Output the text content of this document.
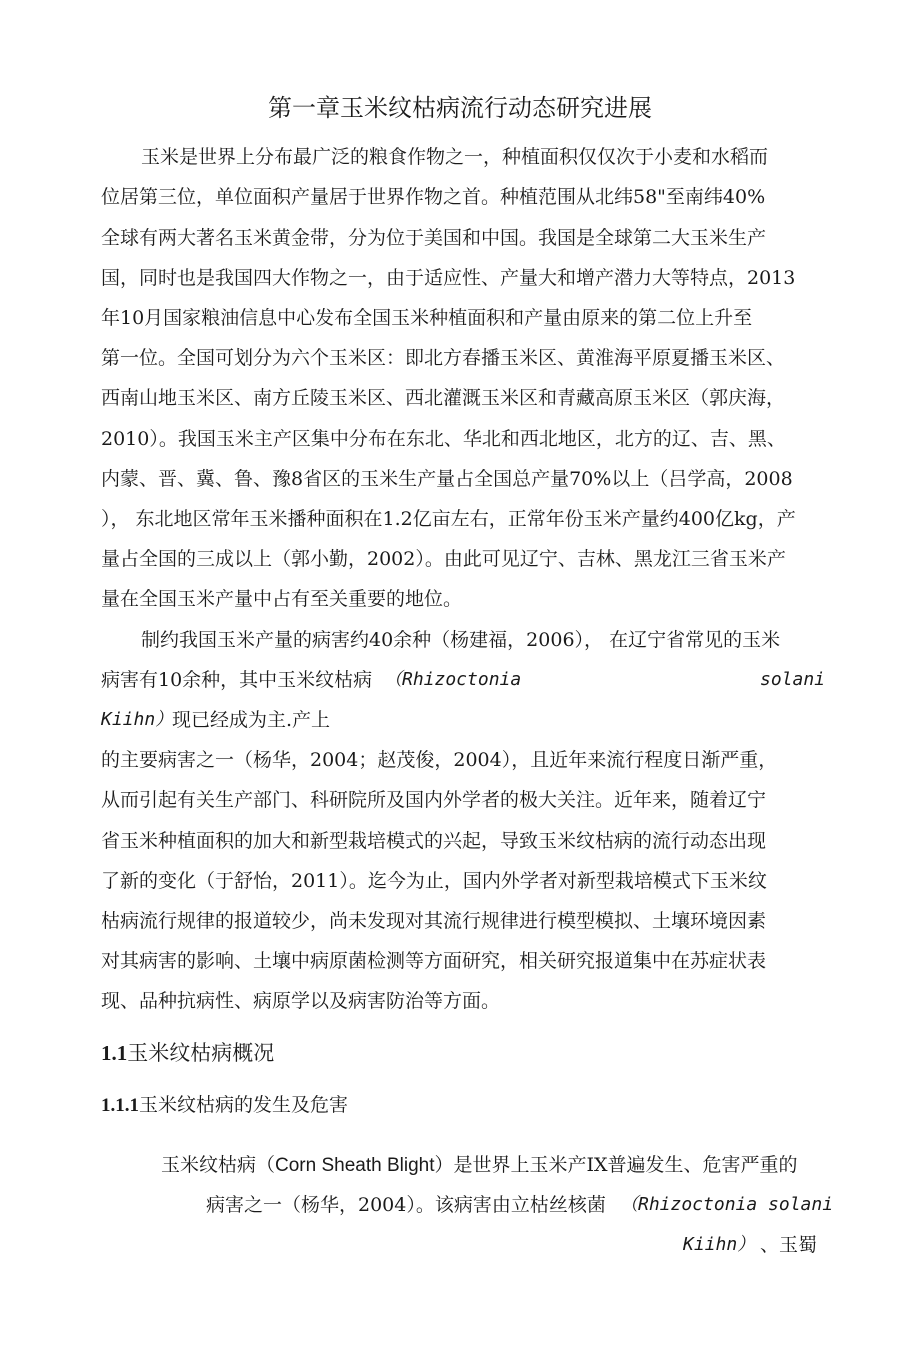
第一章玉米纹枯病流行动态研究进展
玉米是世界上分布最广泛的粮食作物之一，种植面积仅仅次于小麦和水稻而
位居第三位，单位面积产量居于世界作物之首。种植范围从北纬58"至南纬40%
全球有两大著名玉米黄金带，分为位于美国和中国。我国是全球第二大玉米生产
国，同时也是我国四大作物之一，由于适应性、产量大和增产潜力大等特点，2013
年10月国家粮油信息中心发布全国玉米种植面积和产量由原来的第二位上升至
第一位。全国可划分为六个玉米区：即北方春播玉米区、黄淮海平原夏播玉米区、
西南山地玉米区、南方丘陵玉米区、西北灌溉玉米区和青藏高原玉米区（郭庆海，
2010）。我国玉米主产区集中分布在东北、华北和西北地区，北方的辽、吉、黑、
内蒙、晋、冀、鲁、豫8省区的玉米生产量占全国总产量70%以上（吕学高，2008
）， 东北地区常年玉米播种面积在1.2亿亩左右，正常年份玉米产量约400亿kg，产
量占全国的三成以上（郭小勤，2002）。由此可见辽宁、吉林、黑龙江三省玉米产
量在全国玉米产量中占有至关重要的地位。
制约我国玉米产量的病害约40余种（杨建福，2006）， 在辽宁省常见的玉米
病害有10余种，其中玉米纹枯病 （Rhizoctonia	solani
Kiihn）
现已经成为主.产上
的主要病害之一（杨华，2004；赵茂俊，2004），且近年来流行程度日渐严重，
从而引起有关生产部门、科研院所及国内外学者的极大关注。近年来，随着辽宁
省玉米种植面积的加大和新型栽培模式的兴起，导致玉米纹枯病的流行动态出现
了新的变化（于舒怡，2011）。迄今为止，国内外学者对新型栽培模式下玉米纹
枯病流行规律的报道较少，尚未发现对其流行规律进行模型模拟、土壤环境因素
对其病害的影响、土壤中病原菌检测等方面研究，相关研究报道集中在苏症状表
现、品种抗病性、病原学以及病害防治等方面。
1.1玉米纹枯病概况
1.1.1玉米纹枯病的发生及危害
玉米纹枯病（Corn Sheath Blight）是世界上玉米产IX普遍发生、危害严重的
病害之一（杨华，2004）。该病害由立枯丝核菌 （Rhizoctonia solani
Kiihn） 、玉蜀
